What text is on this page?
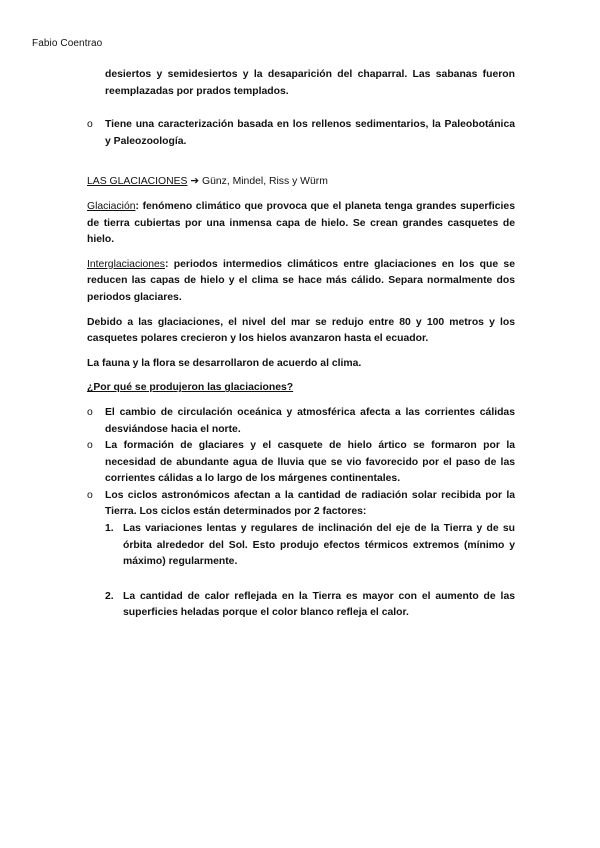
Fabio Coentrao

desiertos y semidesiertos y la desaparición del chaparral. Las sabanas fueron reemplazadas por prados templados.

o Tiene una caracterización basada en los rellenos sedimentarios, la Paleobotánica y Paleozoología.

LAS GLACIACIONES ➔ Günz, Mindel, Riss y Würm

Glaciación: fenómeno climático que provoca que el planeta tenga grandes superficies de tierra cubiertas por una inmensa capa de hielo. Se crean grandes casquetes de hielo.

Interglaciaciones: periodos intermedios climáticos entre glaciaciones en los que se reducen las capas de hielo y el clima se hace más cálido. Separa normalmente dos periodos glaciares.

Debido a las glaciaciones, el nivel del mar se redujo entre 80 y 100 metros y los casquetes polares crecieron y los hielos avanzaron hasta el ecuador.

La fauna y la flora se desarrollaron de acuerdo al clima.

¿Por qué se produjeron las glaciaciones?

o El cambio de circulación oceánica y atmosférica afecta a las corrientes cálidas desviándose hacia el norte.
o La formación de glaciares y el casquete de hielo ártico se formaron por la necesidad de abundante agua de lluvia que se vio favorecido por el paso de las corrientes cálidas a lo largo de los márgenes continentales.
o Los ciclos astronómicos afectan a la cantidad de radiación solar recibida por la Tierra. Los ciclos están determinados por 2 factores:
1. Las variaciones lentas y regulares de inclinación del eje de la Tierra y de su órbita alrededor del Sol. Esto produjo efectos térmicos extremos (mínimo y máximo) regularmente.
2. La cantidad de calor reflejada en la Tierra es mayor con el aumento de las superficies heladas porque el color blanco refleja el calor.
